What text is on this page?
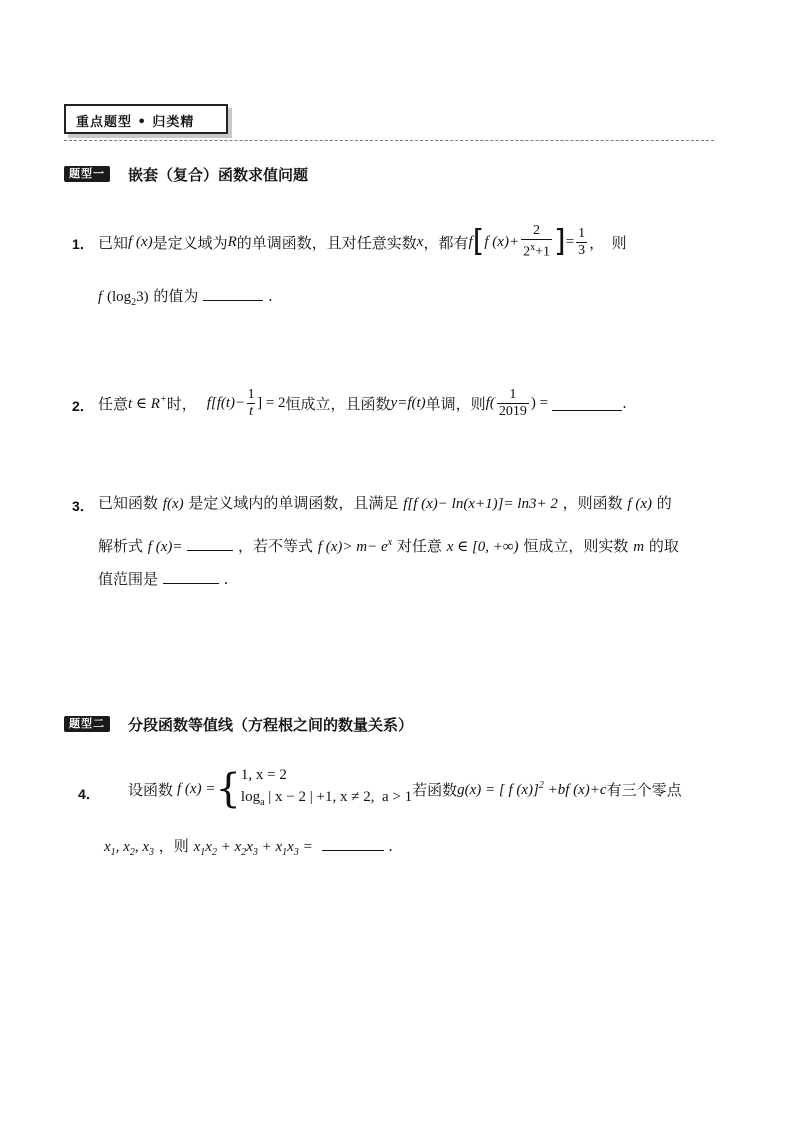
重点题型 • 归类精
题型一	嵌套（复合）函数求值问题
1． 已知 f (x) 是定义域为 R 的单调函数，且对任意实数 x ，都有 f [ f $(x)+ \frac{2}{2^x+1}$ ] = $\frac{1}{3}$ ，　则
f $(\log_23)$ 的值为	.
2． 任意 t ∈ R+ 时， $f[f(t)- \frac{1}{t}$ ] = 2 恒成立，且函数 y=f(t) 单调，则 $f( \frac{1}{2019}$ ) =	.
3． 已知函数 f(x) 是定义域内的单调函数，且满足 f[f (x)− ln(x+1)]= ln3+ 2 ，则函数 f (x) 的
解析式 f (x)=	，若不等式 f $(x)> m- e^x$ 对任意 x ∈ [0, +∞) 恒成立，则实数 m 的取
值范围是	.
题型二	分段函数等值线（方程根之间的数量关系）
4． 设函数 f (x) = { 1, x = 2
$\log_a$ | x − 2 | +1, x ≠ 2, a > 1 若函数 g(x) = [ f (x)]$^2$ +bf (x)+c 有三个零点
$x_1$, $x_2$, $x_3$ ，则 $x_1x_2 + x_2x_3 + x_1x_3$ =	.
